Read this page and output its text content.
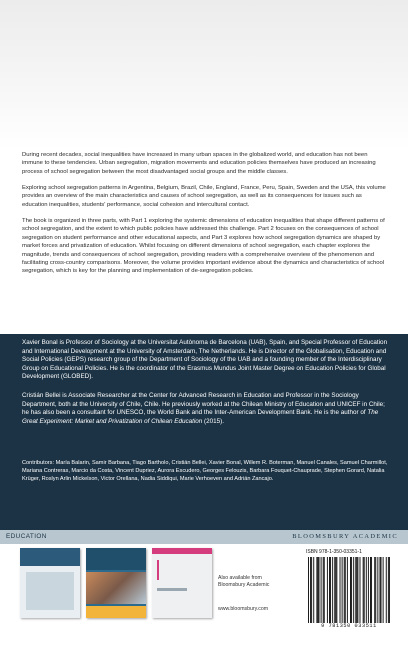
During recent decades, social inequalities have increased in many urban spaces in the globalized world, and education has not been immune to these tendencies. Urban segregation, migration movements and education policies themselves have produced an increasing process of school segregation between the most disadvantaged social groups and the middle classes.

Exploring school segregation patterns in Argentina, Belgium, Brazil, Chile, England, France, Peru, Spain, Sweden and the USA, this volume provides an overview of the main characteristics and causes of school segregation, as well as its consequences for issues such as education inequalities, students' performance, social cohesion and intercultural contact.

The book is organized in three parts, with Part 1 exploring the systemic dimensions of education inequalities that shape different patterns of school segregation, and the extent to which public policies have addressed this challenge. Part 2 focuses on the consequences of school segregation on student performance and other educational aspects, and Part 3 explores how school segregation dynamics are shaped by market forces and privatization of education. Whilst focusing on different dimensions of school segregation, each chapter explores the magnitude, trends and consequences of school segregation, providing readers with a comprehensive overview of the phenomenon and facilitating cross-country comparisons. Moreover, the volume provides important evidence about the dynamics and characteristics of school segregation, which is key for the planning and implementation of de-segregation policies.

Xavier Bonal is Professor of Sociology at the Universitat Autònoma de Barcelona (UAB), Spain, and Special Professor of Education and International Development at the University of Amsterdam, The Netherlands. He is Director of the Globalisation, Education and Social Policies (GEPS) research group of the Department of Sociology of the UAB and a founding member of the Interdisciplinary Group on Educational Policies. He is the coordinator of the Erasmus Mundus Joint Master Degree on Education Policies for Global Development (GLOBED).

Cristián Bellei is Associate Researcher at the Center for Advanced Research in Education and Professor in the Sociology Department, both at the University of Chile, Chile. He previously worked at the Chilean Ministry of Education and UNICEF in Chile; he has also been a consultant for UNESCO, the World Bank and the Inter-American Development Bank. He is the author of The Great Experiment: Market and Privatization of Chilean Education (2015).

Contributors: María Balarin, Samir Barbana, Tiago Bartholo, Cristián Bellei, Xavier Bonal, Willem R. Boterman, Manuel Canales, Samuel Charmillot, Mariana Contreras, Marcio da Costa, Vincent Dupriez, Aurora Escudero, Georges Felouzis, Barbara Fouquet-Chauprade, Stephen Gorard, Natalia Krüger, Roslyn Arlin Mickelson, Victor Orellana, Nadia Siddiqui, Marie Verhoeven and Adrián Zancajo.

EDUCATION	BLOOMSBURY ACADEMIC
Also available from Bloomsbury Academic
www.bloomsbury.com
ISBN 978-1-350-03351-1
9 781350 033511
